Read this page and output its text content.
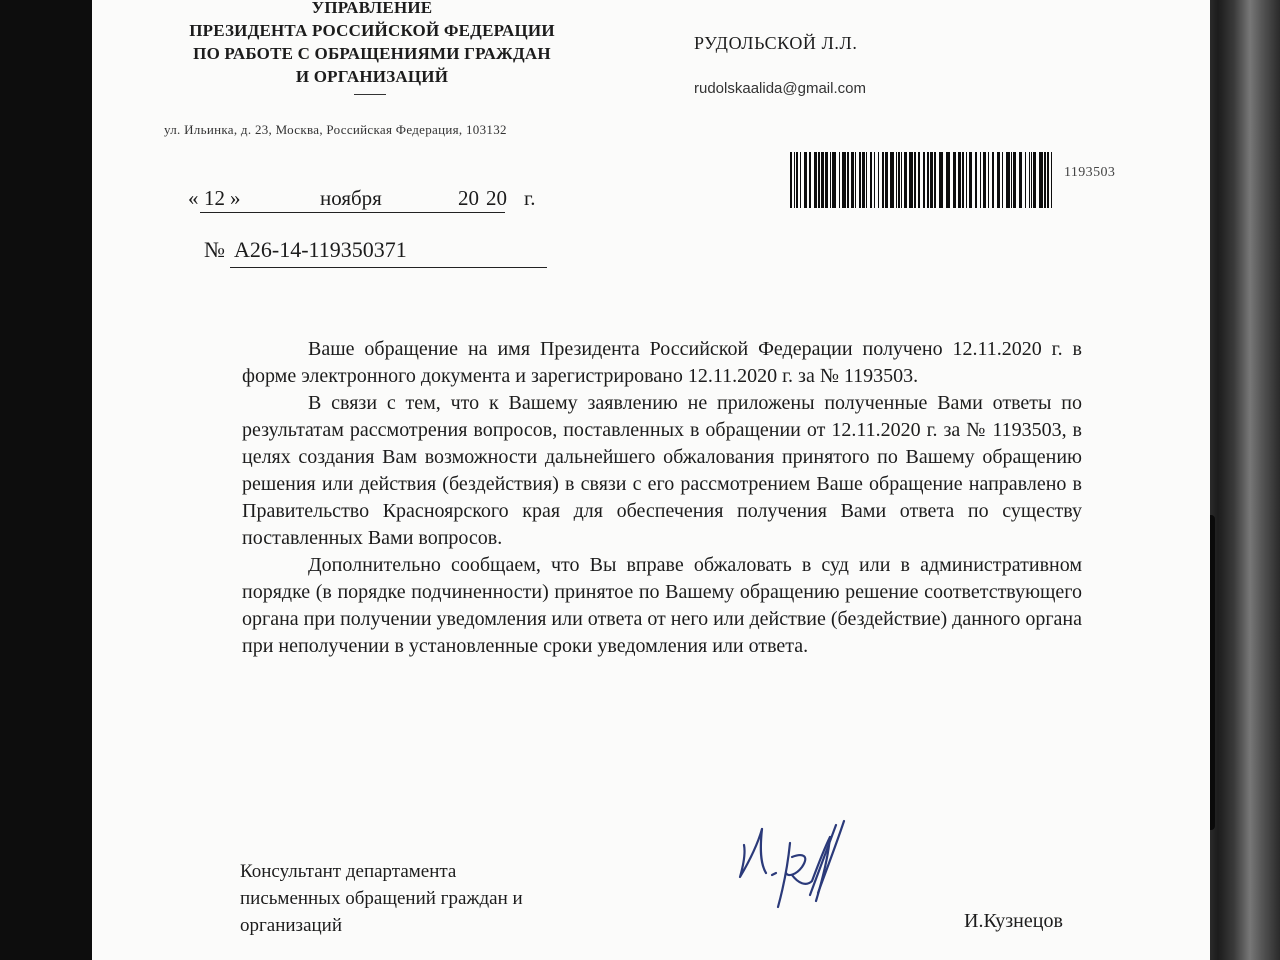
УПРАВЛЕНИЕ
ПРЕЗИДЕНТА РОССИЙСКОЙ ФЕДЕРАЦИИ
ПО РАБОТЕ С ОБРАЩЕНИЯМИ ГРАЖДАН
И ОРГАНИЗАЦИЙ
ул. Ильинка, д. 23, Москва, Российская Федерация, 103132
РУДОЛЬСКОЙ Л.Л.
rudolskaalida@gmail.com
1193503
« 12 »	ноября	20 20 г.
№ А26-14-119350371

Ваше обращение на имя Президента Российской Федерации получено 12.11.2020 г. в форме электронного документа и зарегистрировано 12.11.2020 г. за № 1193503.

В связи с тем, что к Вашему заявлению не приложены полученные Вами ответы по результатам рассмотрения вопросов, поставленных в обращении от 12.11.2020 г. за № 1193503, в целях создания Вам возможности дальнейшего обжалования принятого по Вашему обращению решения или действия (бездействия) в связи с его рассмотрением Ваше обращение направлено в Правительство Красноярского края для обеспечения получения Вами ответа по существу поставленных Вами вопросов.

Дополнительно сообщаем, что Вы вправе обжаловать в суд или в административном порядке (в порядке подчиненности) принятое по Вашему обращению решение соответствующего органа при получении уведомления или ответа от него или действие (бездействие) данного органа при неполучении в установленные сроки уведомления или ответа.

Консультант департамента
письменных обращений граждан и
организаций	И.Кузнецов
